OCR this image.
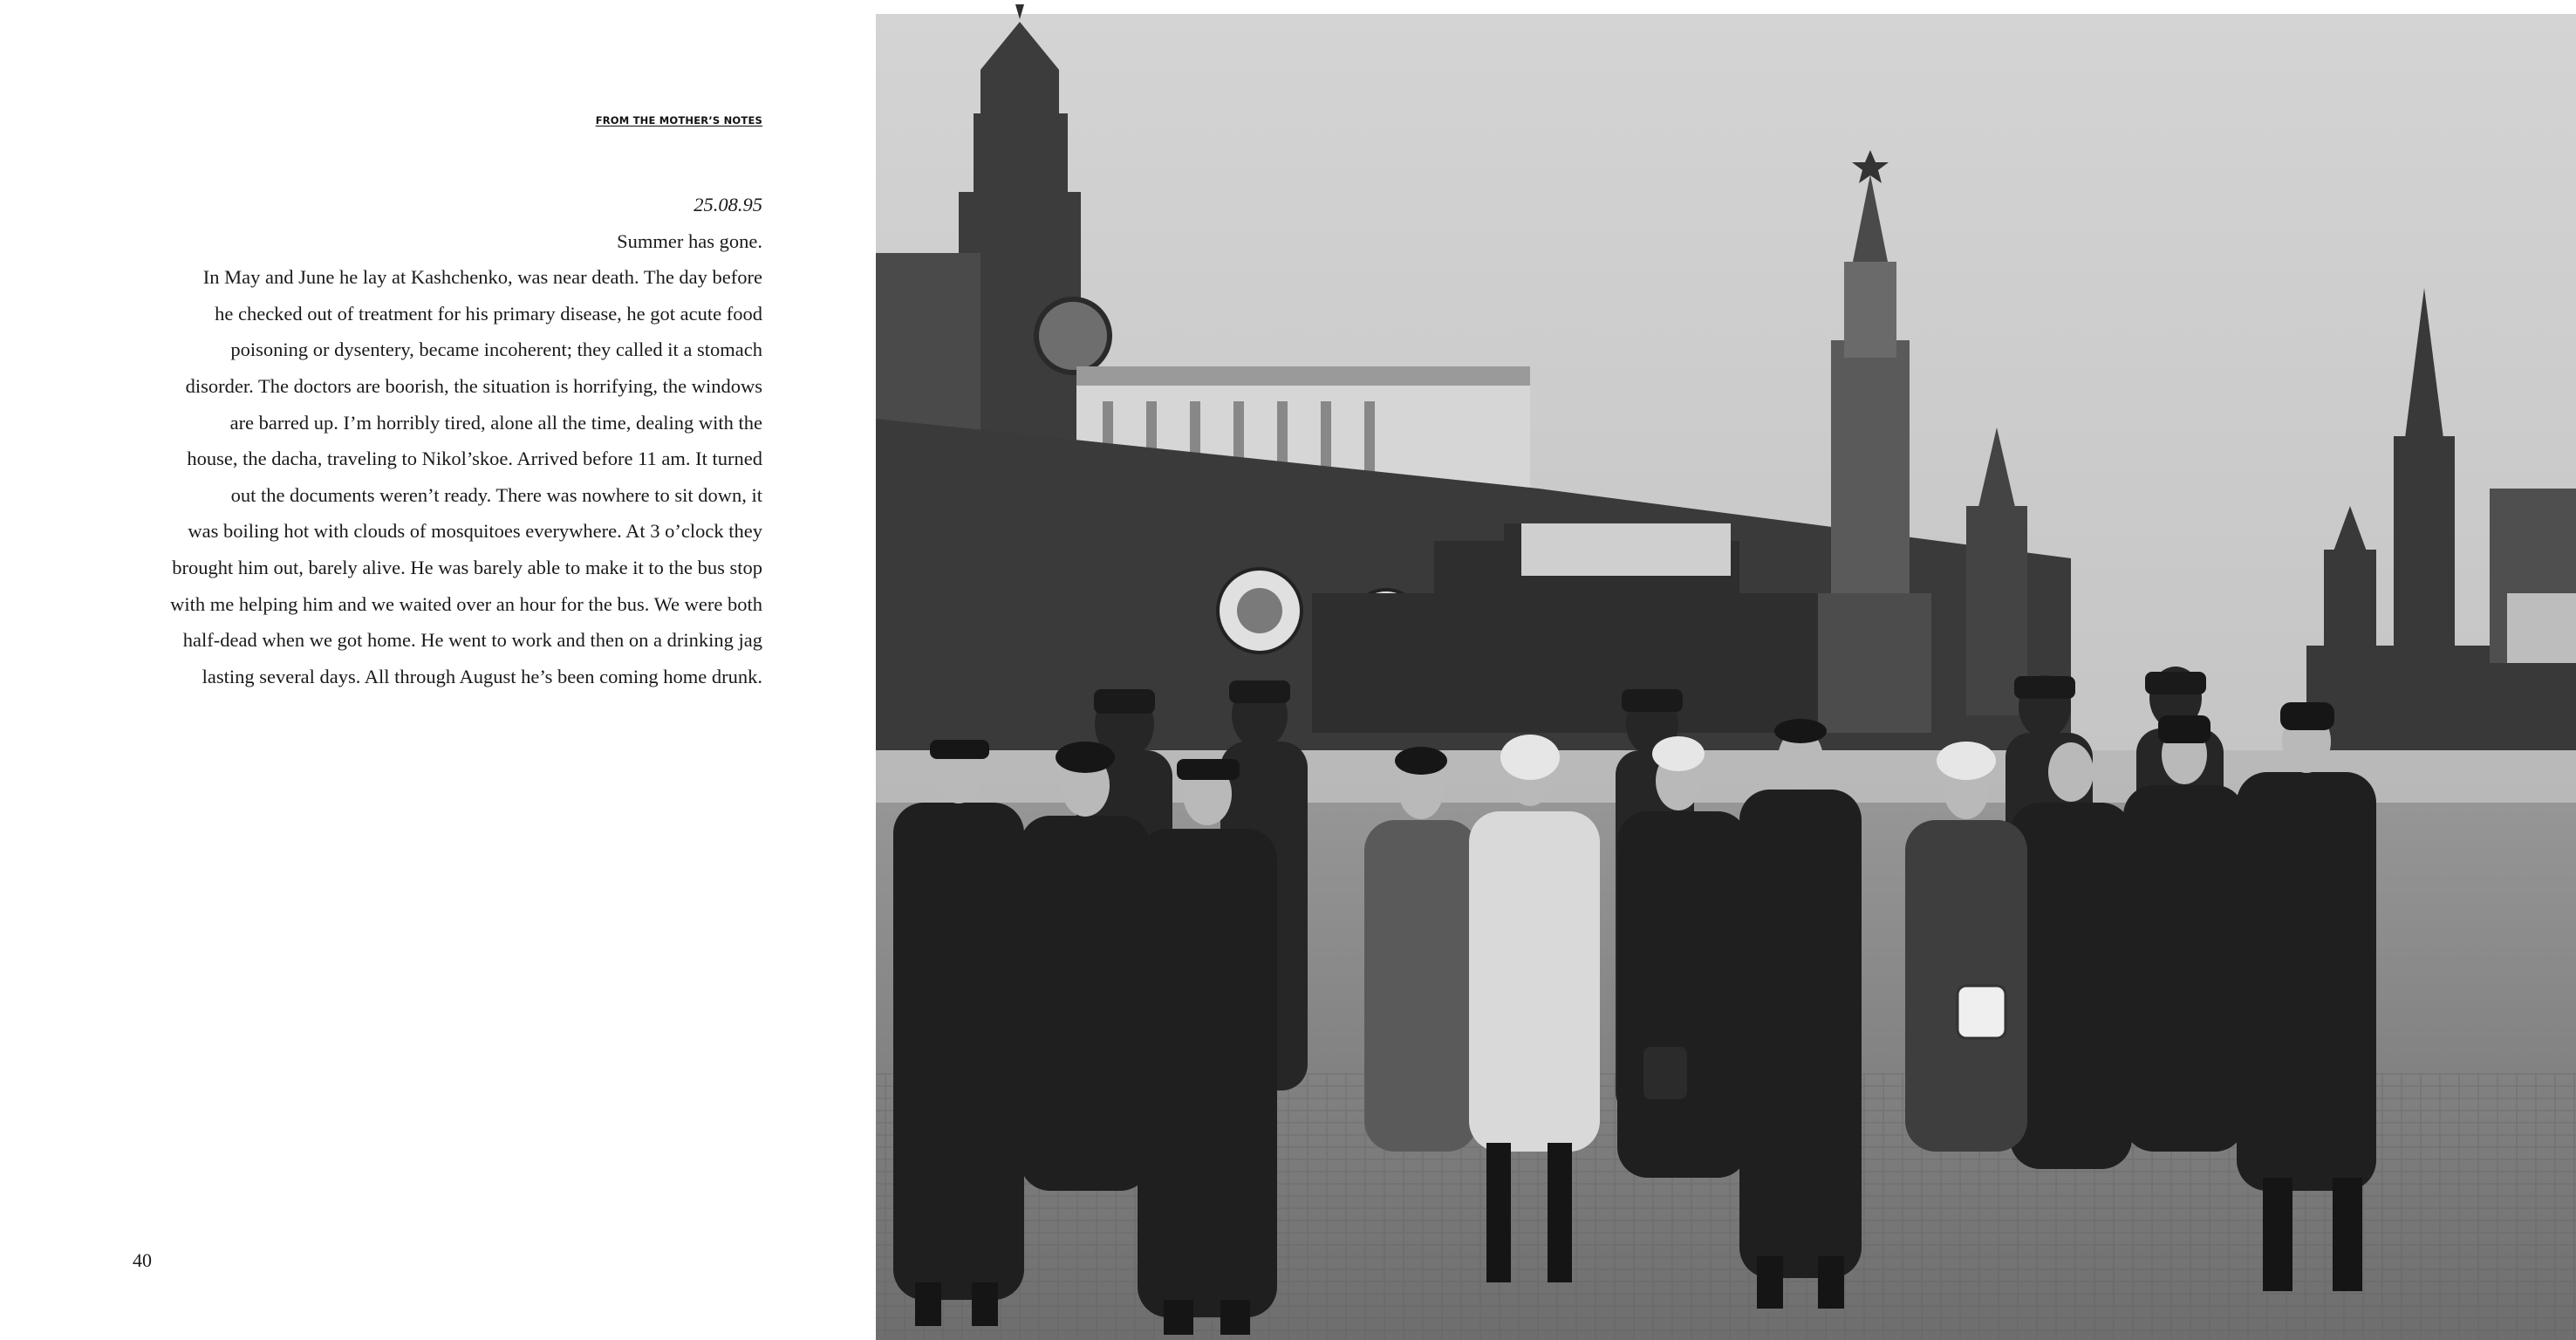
FROM THE MOTHER’S NOTES
25.08.95
Summer has gone.
In May and June he lay at Kashchenko, was near death. The day before
he checked out of treatment for his primary disease, he got acute food
poisoning or dysentery, became incoherent; they called it a stomach
disorder. The doctors are boorish, the situation is horrifying, the windows
are barred up. I’m horribly tired, alone all the time, dealing with the
house, the dacha, traveling to Nikol’skoe. Arrived before 11 am. It turned
out the documents weren’t ready. There was nowhere to sit down, it
was boiling hot with clouds of mosquitoes everywhere. At 3 o’clock they
brought him out, barely alive. He was barely able to make it to the bus stop
with me helping him and we waited over an hour for the bus. We were both
half-dead when we got home. He went to work and then on a drinking jag
lasting several days. All through August he’s been coming home drunk.
40
